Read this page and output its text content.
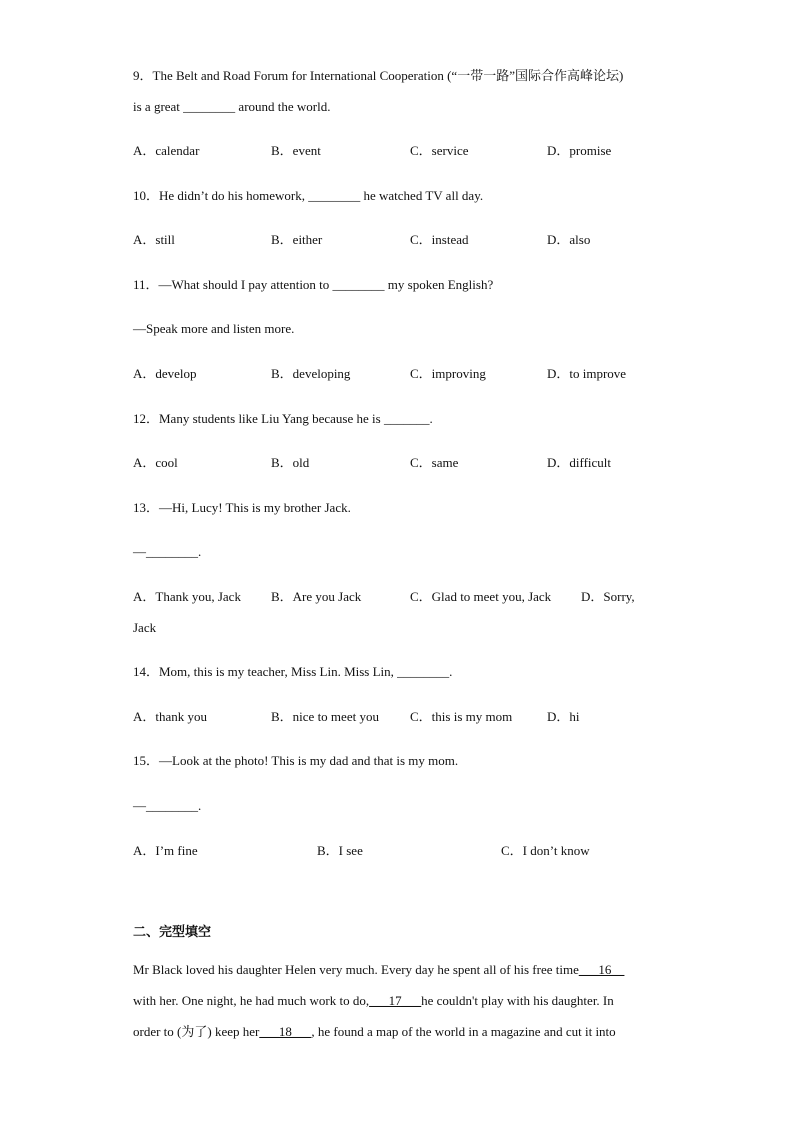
9．The Belt and Road Forum for International Cooperation (“一带一路”国际合作高峰论坛)
is a great ________ around the world.
A．calendar	B．event	C．service	D．promise
10．He didn’t do his homework, ________ he watched TV all day.
A．still	B．either	C．instead	D．also
11．—What should I pay attention to ________ my spoken English?
—Speak more and listen more.
A．develop	B．developing	C．improving	D．to improve
12．Many students like Liu Yang because he is _______.
A．cool	B．old	C．same	D．difficult
13．—Hi, Lucy! This is my brother Jack.
—________.
A．Thank you, Jack B．Are you Jack	C．Glad to meet you, Jack D．Sorry,
Jack
14．Mom, this is my teacher, Miss Lin. Miss Lin, ________.
A．thank you	B．nice to meet you C．this is my mom	D．hi
15．—Look at the photo! This is my dad and that is my mom.
—________.
A．I’m fine	B．I see	C．I don’t know
二、完型填空
Mr Black loved his daughter Helen very much. Every day he spent all of his free time___16__
with her. One night, he had much work to do,___17___he couldn't play with his daughter. In
order to (为了) keep her___18___, he found a map of the world in a magazine and cut it into
